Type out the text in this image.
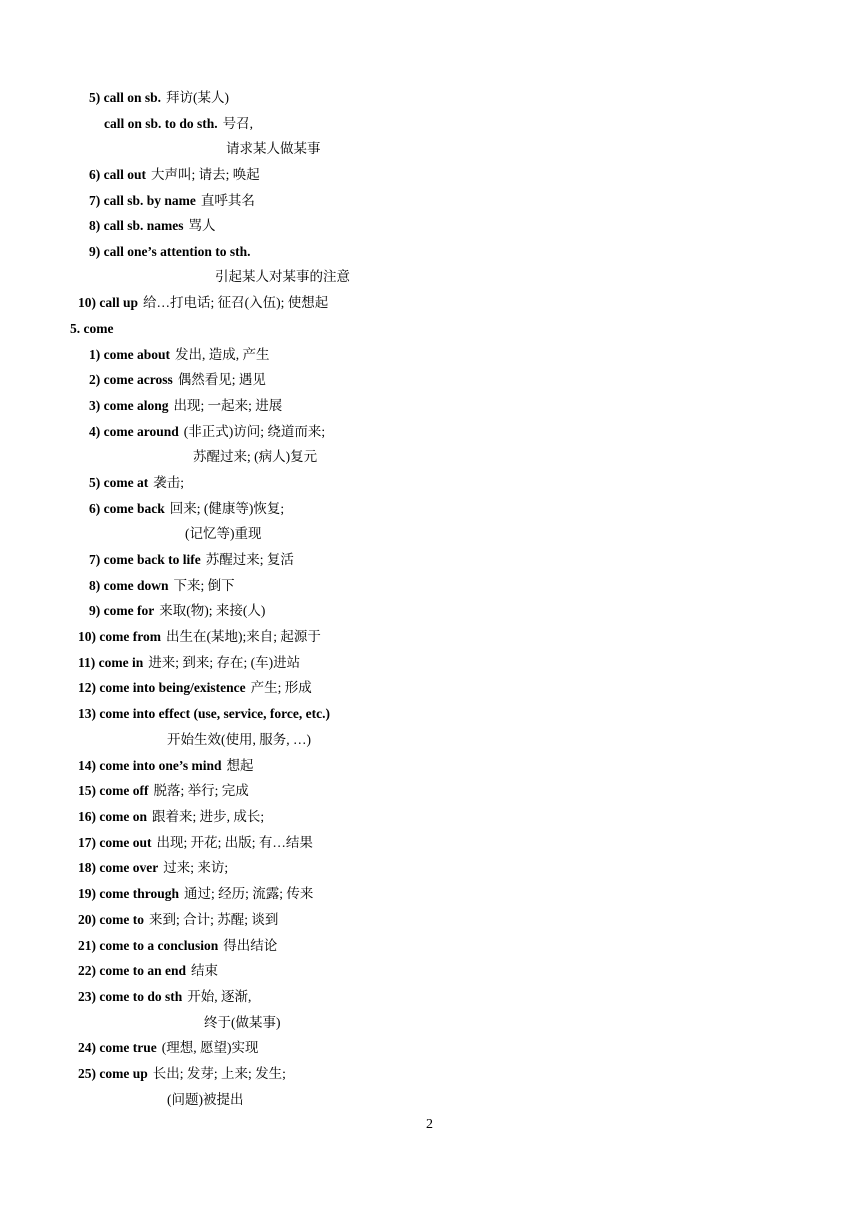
5) call on sb. 拜访(某人)
call on sb. to do sth. 号召,
请求某人做某事
6) call out 大声叫; 请去; 唤起
7) call sb. by name 直呼其名
8) call sb. names 骂人
9) call one’s attention to sth.
引起某人对某事的注意
10) call up 给…打电话; 征召(入伍); 使想起
5. come
1) come about 发出, 造成, 产生
2) come across 偶然看见; 遇见
3) come along 出现; 一起来; 进展
4) come around (非正式)访问; 绕道而来;
苏醒过来; (病人)复元
5) come at 袭击;
6) come back 回来; (健康等)恢复;
(记忆等)重现
7) come back to life 苏醒过来; 复活
8) come down 下来; 倒下
9) come for 来取(物); 来接(人)
10) come from 出生在(某地);来自; 起源于
11) come in 进来; 到来; 存在; (车)进站
12) come into being/existence 产生; 形成
13) come into effect (use, service, force, etc.)
开始生效(使用, 服务, …)
14) come into one’s mind 想起
15) come off 脱落; 举行; 完成
16) come on 跟着来; 进步, 成长;
17) come out 出现; 开花; 出版; 有…结果
18) come over 过来; 来访;
19) come through 通过; 经历; 流露; 传来
20) come to 来到; 合计; 苏醒; 谈到
21) come to a conclusion 得出结论
22) come to an end 结束
23) come to do sth 开始, 逐渐,
终于(做某事)
24) come true (理想, 愿望)实现
25) come up 长出; 发芽; 上来; 发生;
(问题)被提出
2
